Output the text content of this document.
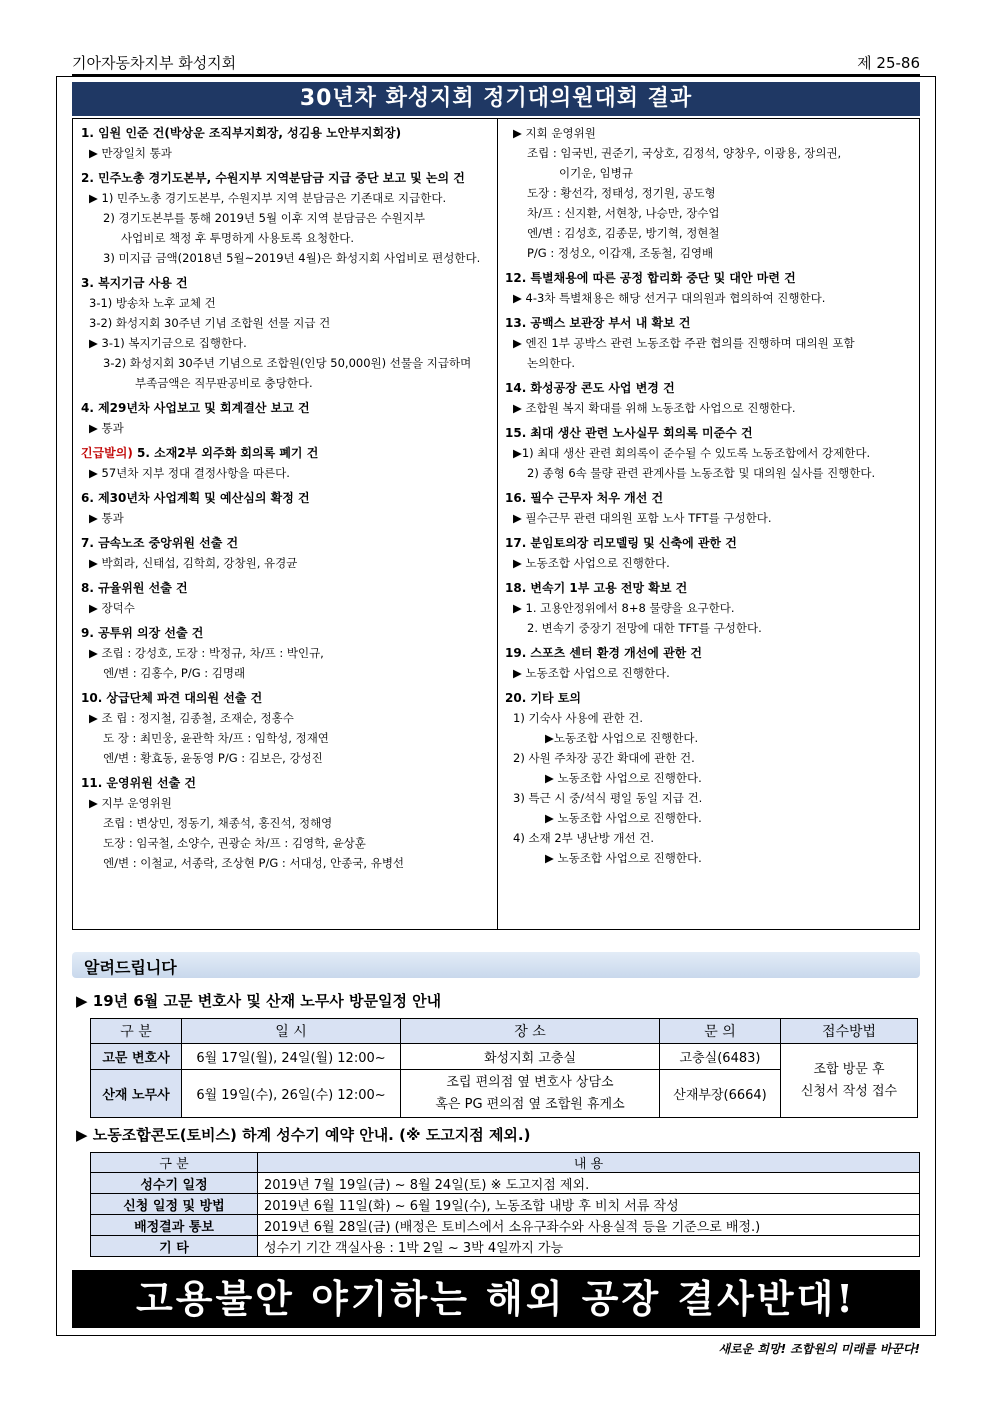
기아자동차지부 화성지회	제 25-86
30년차 화성지회 정기대의원대회 결과
1. 임원 인준 건(박상운 조직부지회장, 성김용 노안부지회장)
▶ 만장일치 통과
2. 민주노총 경기도본부, 수원지부 지역분담금 지급 중단 보고 및 논의 건
▶ 1) 민주노총 경기도본부, 수원지부 지역 분담금은 기존대로 지급한다.
2) 경기도본부를 통해 2019년 5월 이후 지역 분담금은 수원지부
사업비로 책정 후 투명하게 사용토록 요청한다.
3) 미지급 금액(2018년 5월~2019년 4월)은 화성지회 사업비로 편성한다.
3. 복지기금 사용 건
3-1) 방송차 노후 교체 건
3-2) 화성지회 30주년 기념 조합원 선물 지급 건
▶ 3-1) 복지기금으로 집행한다.
3-2) 화성지회 30주년 기념으로 조합원(인당 50,000원) 선물을 지급하며
부족금액은 직무판공비로 충당한다.
4. 제29년차 사업보고 및 회계결산 보고 건
▶ 통과
긴급발의) 5. 소재2부 외주화 회의록 폐기 건
▶ 57년차 지부 정대 결정사항을 따른다.
6. 제30년차 사업계획 및 예산심의 확정 건
▶ 통과
7. 금속노조 중앙위원 선출 건
▶ 박희라, 신태섭, 김학희, 강창원, 유경균
8. 규율위원 선출 건
▶ 장덕수
9. 공투위 의장 선출 건
▶ 조립 : 강성호, 도장 : 박정규, 차/프 : 박인규,
엔/변 : 김홍수, P/G : 김명래
10. 상급단체 파견 대의원 선출 건
▶ 조 립 : 정지철, 김종철, 조재순, 정홍수
도 장 : 최민웅, 윤관학 차/프 : 임학성, 정재연
엔/변 : 황효동, 윤동영 P/G : 김보은, 강성진
11. 운영위원 선출 건
▶ 지부 운영위원
조립 : 변상민, 정동기, 채종석, 홍진석, 정해영
도장 : 임국철, 소양수, 권광순 차/프 : 김영학, 윤상훈
엔/변 : 이철교, 서종락, 조상현 P/G : 서대성, 안종국, 유병선
▶ 지회 운영위원
조립 : 임국빈, 권준기, 국상호, 김정석, 양창우, 이광용, 장의권,
이기운, 임병규
도장 : 황선각, 정태성, 정기원, 공도형
차/프 : 신지환, 서현창, 나승만, 장수업
엔/변 : 김성호, 김종문, 방기혁, 정현철
P/G : 정성오, 이갑재, 조동철, 김영배
12. 특별채용에 따른 공정 합리화 중단 및 대안 마련 건
▶ 4-3차 특별채용은 해당 선거구 대의원과 협의하여 진행한다.
13. 공백스 보관장 부서 내 확보 건
▶ 엔진 1부 공박스 관련 노동조합 주관 협의를 진행하며 대의원 포함
논의한다.
14. 화성공장 콘도 사업 변경 건
▶ 조합원 복지 확대를 위해 노동조합 사업으로 진행한다.
15. 최대 생산 관련 노사실무 회의록 미준수 건
▶1) 최대 생산 관련 회의록이 준수될 수 있도록 노동조합에서 강제한다.
2) 종형 6속 물량 관련 관계사를 노동조합 및 대의원 실사를 진행한다.
16. 필수 근무자 처우 개선 건
▶ 필수근무 관련 대의원 포함 노사 TFT를 구성한다.
17. 분임토의장 리모델링 및 신축에 관한 건
▶ 노동조합 사업으로 진행한다.
18. 변속기 1부 고용 전망 확보 건
▶ 1. 고용안정위에서 8+8 물량을 요구한다.
2. 변속기 중장기 전망에 대한 TFT를 구성한다.
19. 스포츠 센터 환경 개선에 관한 건
▶ 노동조합 사업으로 진행한다.
20. 기타 토의
1) 기숙사 사용에 관한 건.
▶노동조합 사업으로 진행한다.
2) 사원 주차장 공간 확대에 관한 건.
▶ 노동조합 사업으로 진행한다.
3) 특근 시 중/석식 평일 동일 지급 건.
▶ 노동조합 사업으로 진행한다.
4) 소재 2부 냉난방 개선 건.
▶ 노동조합 사업으로 진행한다.
알려드립니다
▶ 19년 6월 고문 변호사 및 산재 노무사 방문일정 안내
구 분	일 시	장 소	문 의	접수방법
고문 변호사	6월 17일(월), 24일(월) 12:00~	화성지회 고충실	고충실(6483)	조합 방문 후
신청서 작성 접수

산재 노무사	6월 19일(수), 26일(수) 12:00~	조립 편의점 옆 변호사 상담소
혹은 PG 편의점 옆 조합원 휴게소	산재부장(6664)	
▶ 노동조합콘도(토비스) 하계 성수기 예약 안내. (※ 도고지점 제외.)
구 분	내 용
성수기 일정	2019년 7월 19일(금) ~ 8월 24일(토) ※ 도고지점 제외.
신청 일정 및 방법	2019년 6월 11일(화) ~ 6월 19일(수), 노동조합 내방 후 비치 서류 작성
배정결과 통보	2019년 6월 28일(금) (배정은 토비스에서 소유구좌수와 사용실적 등을 기준으로 배정.)
기 타	성수기 기간 객실사용 : 1박 2일 ~ 3박 4일까지 가능
고용불안 야기하는 해외 공장 결사반대!
새로운 희망! 조합원의 미래를 바꾼다!
